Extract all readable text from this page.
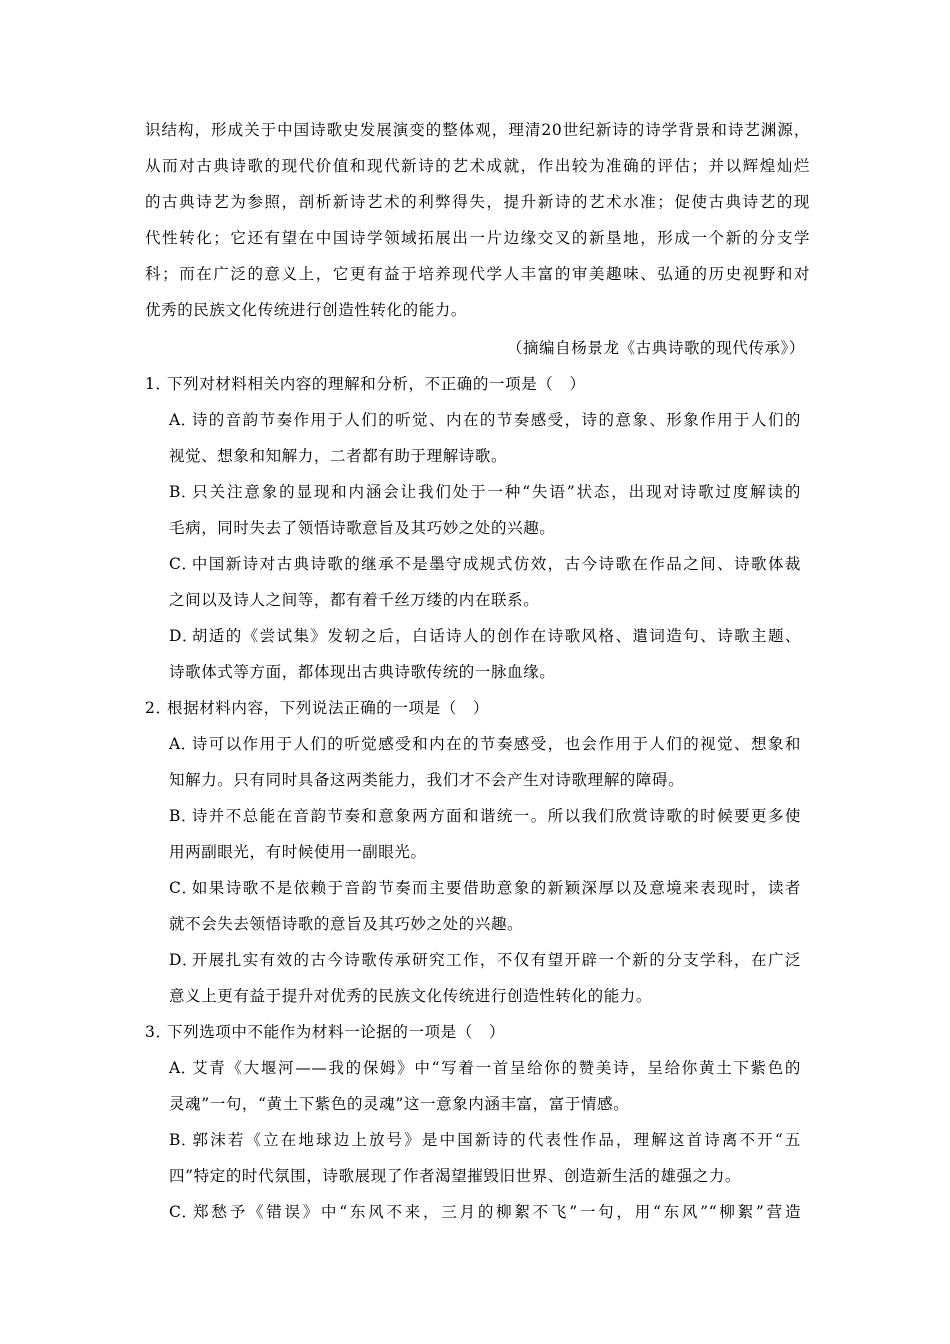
识结构，形成关于中国诗歌史发展演变的整体观，理清20世纪新诗的诗学背景和诗艺渊源，
从而对古典诗歌的现代价值和现代新诗的艺术成就，作出较为准确的评估；并以辉煌灿烂
的古典诗艺为参照，剖析新诗艺术的利弊得失，提升新诗的艺术水准；促使古典诗艺的现
代性转化；它还有望在中国诗学领域拓展出一片边缘交叉的新垦地，形成一个新的分支学
科；而在广泛的意义上，它更有益于培养现代学人丰富的审美趣味、弘通的历史视野和对
优秀的民族文化传统进行创造性转化的能力。
（摘编自杨景龙《古典诗歌的现代传承》）
1．下列对材料相关内容的理解和分析，不正确的一项是（　）
A．诗的音韵节奏作用于人们的听觉、内在的节奏感受，诗的意象、形象作用于人们的
视觉、想象和知解力，二者都有助于理解诗歌。
B．只关注意象的显现和内涵会让我们处于一种“失语”状态，出现对诗歌过度解读的
毛病，同时失去了领悟诗歌意旨及其巧妙之处的兴趣。
C．中国新诗对古典诗歌的继承不是墨守成规式仿效，古今诗歌在作品之间、诗歌体裁
之间以及诗人之间等，都有着千丝万缕的内在联系。
D．胡适的《尝试集》发轫之后，白话诗人的创作在诗歌风格、遣词造句、诗歌主题、
诗歌体式等方面，都体现出古典诗歌传统的一脉血缘。
2．根据材料内容，下列说法正确的一项是（　）
A．诗可以作用于人们的听觉感受和内在的节奏感受，也会作用于人们的视觉、想象和
知解力。只有同时具备这两类能力，我们才不会产生对诗歌理解的障碍。
B．诗并不总能在音韵节奏和意象两方面和谐统一。所以我们欣赏诗歌的时候要更多使
用两副眼光，有时候使用一副眼光。
C．如果诗歌不是依赖于音韵节奏而主要借助意象的新颖深厚以及意境来表现时，读者
就不会失去领悟诗歌的意旨及其巧妙之处的兴趣。
D．开展扎实有效的古今诗歌传承研究工作，不仅有望开辟一个新的分支学科，在广泛
意义上更有益于提升对优秀的民族文化传统进行创造性转化的能力。
3．下列选项中不能作为材料一论据的一项是（　）
A．艾青《大堰河——我的保姆》中“写着一首呈给你的赞美诗，呈给你黄土下紫色的
灵魂”一句，“黄土下紫色的灵魂”这一意象内涵丰富，富于情感。
B．郭沫若《立在地球边上放号》是中国新诗的代表性作品，理解这首诗离不开“五
四”特定的时代氛围，诗歌展现了作者渴望摧毁旧世界、创造新生活的雄强之力。
C．郑愁予《错误》中“东风不来，三月的柳絮不飞”一句，用“东风”“柳絮”营造
